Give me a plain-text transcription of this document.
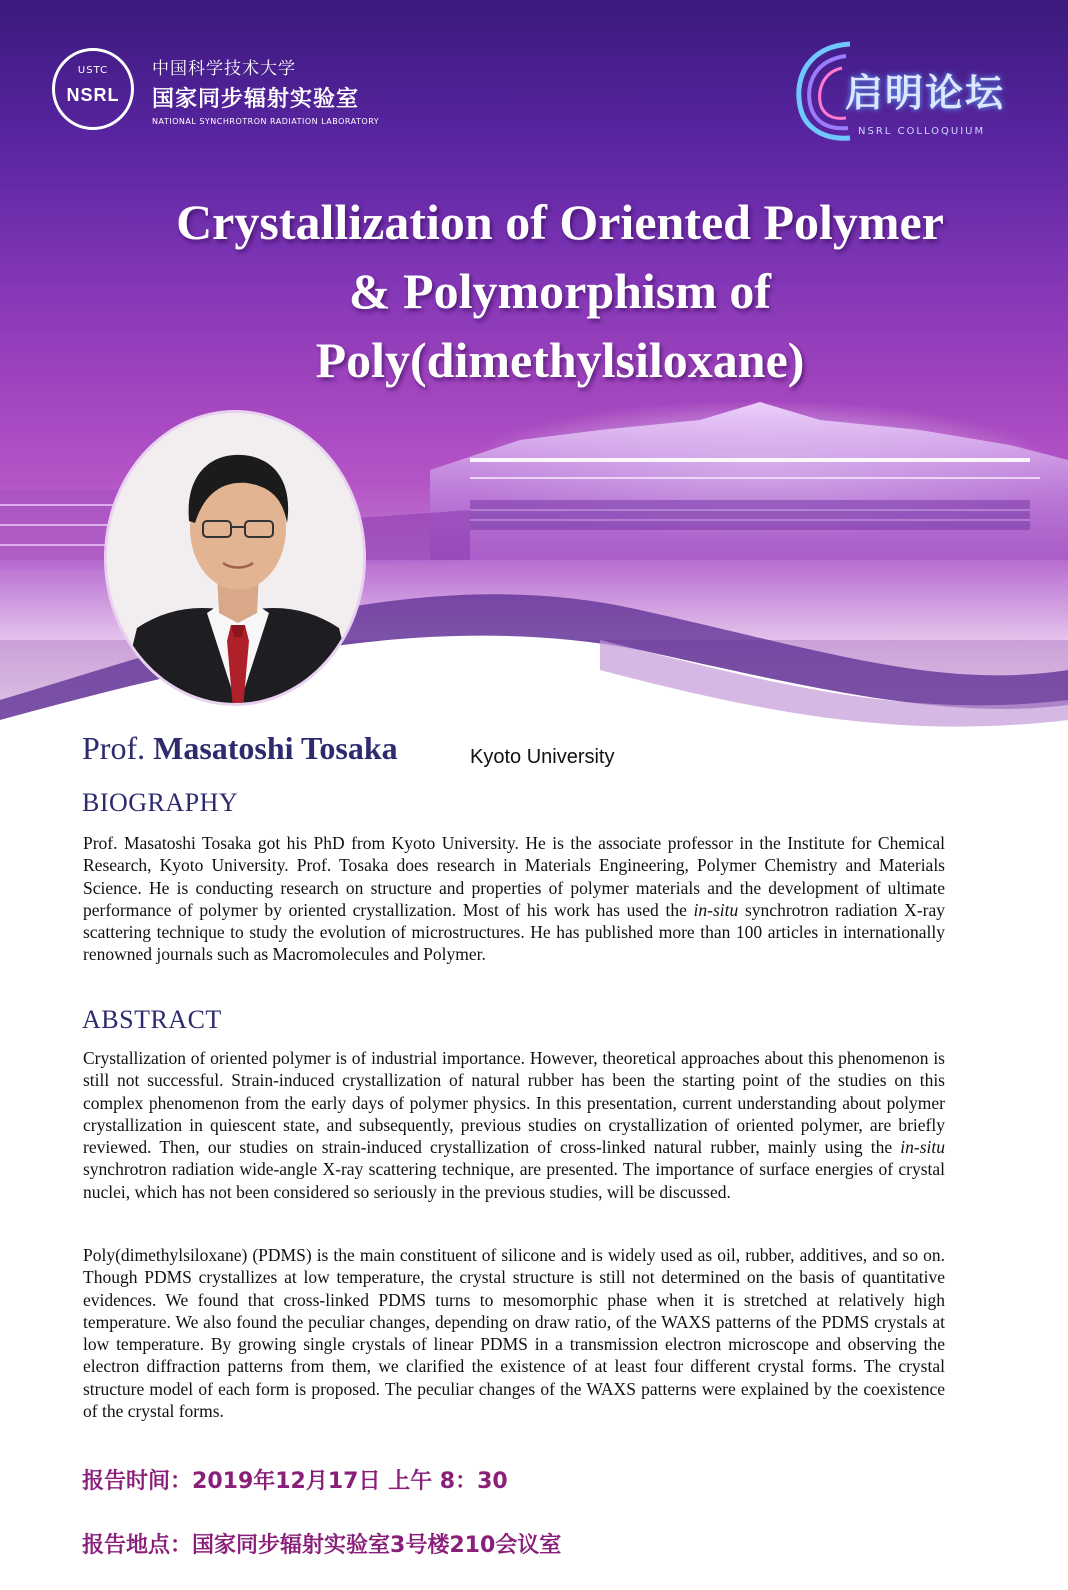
USTC
NSRL
中国科学技术大学
国家同步辐射实验室
NATIONAL SYNCHROTRON RADIATION LABORATORY
启明论坛
NSRL COLLOQUIUM
Crystallization of Oriented Polymer
& Polymorphism of
Poly(dimethylsiloxane)
Prof. Masatoshi Tosaka	Kyoto University
BIOGRAPHY
Prof. Masatoshi Tosaka got his PhD from Kyoto University. He is the associate professor in the Institute for Chemical Research, Kyoto University. Prof. Tosaka does research in Materials Engineering, Polymer Chemistry and Materials Science. He is conducting research on structure and properties of polymer materials and the development of ultimate performance of polymer by oriented crystallization. Most of his work has used the in-situ synchrotron radiation X-ray scattering technique to study the evolution of microstructures. He has published more than 100 articles in internationally renowned journals such as Macromolecules and Polymer.
ABSTRACT
Crystallization of oriented polymer is of industrial importance. However, theoretical approaches about this phenomenon is still not successful. Strain-induced crystallization of natural rubber has been the starting point of the studies on this complex phenomenon from the early days of polymer physics. In this presentation, current understanding about polymer crystallization in quiescent state, and subsequently, previous studies on crystallization of oriented polymer, are briefly reviewed. Then, our studies on strain-induced crystallization of cross-linked natural rubber, mainly using the in-situ synchrotron radiation wide-angle X-ray scattering technique, are presented. The importance of surface energies of crystal nuclei, which has not been considered so seriously in the previous studies, will be discussed.
Poly(dimethylsiloxane) (PDMS) is the main constituent of silicone and is widely used as oil, rubber, additives, and so on. Though PDMS crystallizes at low temperature, the crystal structure is still not determined on the basis of quantitative evidences. We found that cross-linked PDMS turns to mesomorphic phase when it is stretched at relatively high temperature. We also found the peculiar changes, depending on draw ratio, of the WAXS patterns of the PDMS crystals at low temperature. By growing single crystals of linear PDMS in a transmission electron microscope and observing the electron diffraction patterns from them, we clarified the existence of at least four different crystal forms. The crystal structure model of each form is proposed. The peculiar changes of the WAXS patterns were explained by the coexistence of the crystal forms.
报告时间：2019年12月17日 上午 8：30
报告地点：国家同步辐射实验室3号楼210会议室
